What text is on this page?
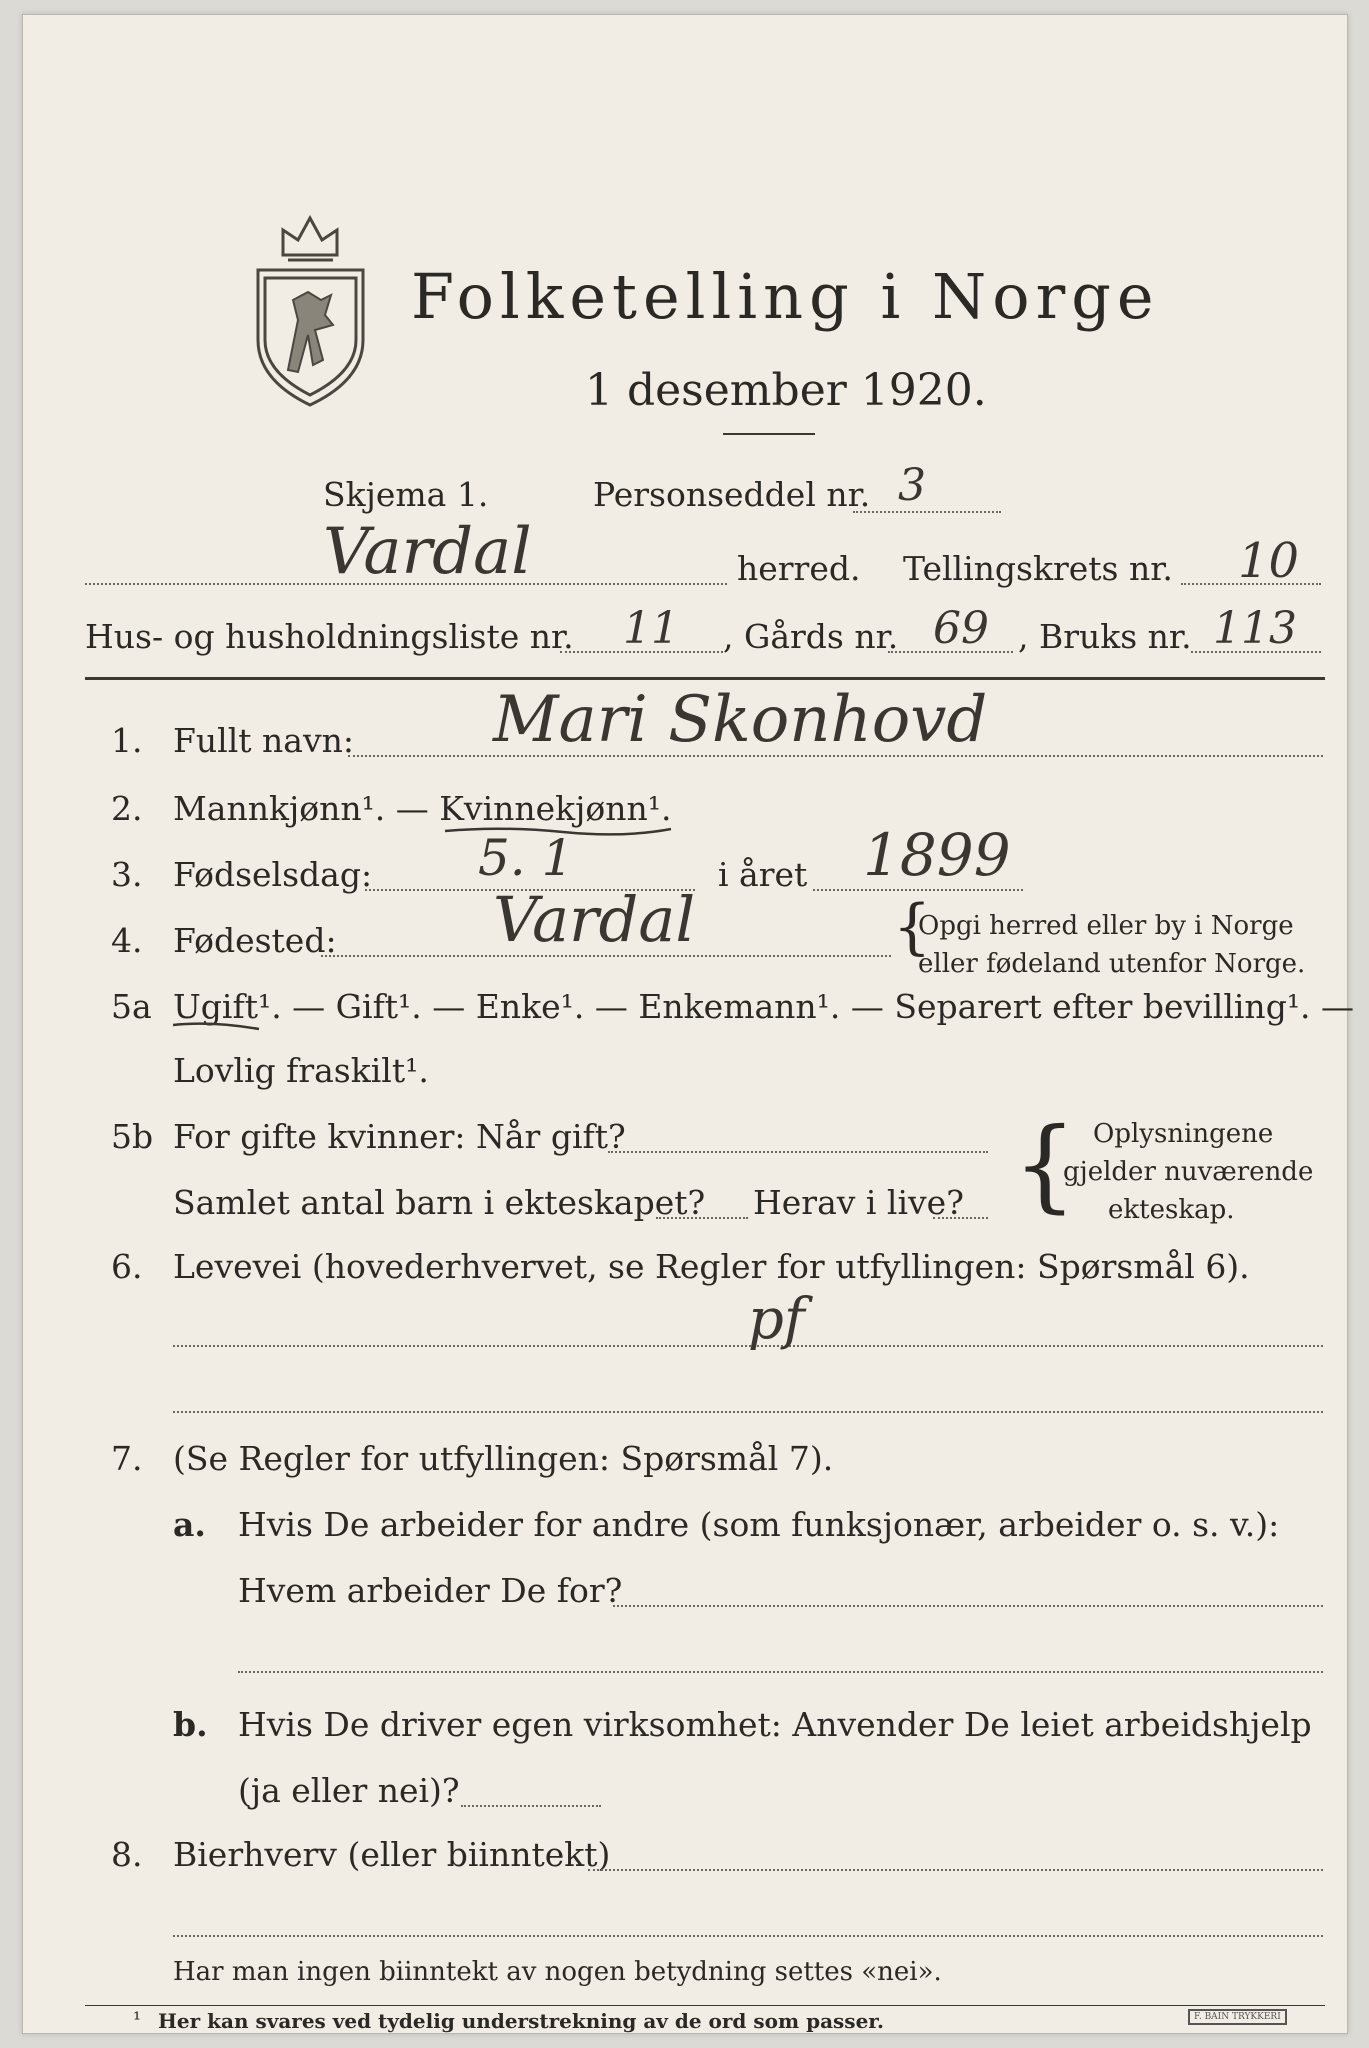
Folketelling i Norge
1 desember 1920.
Skjema 1.	Personseddel nr. 3
Vardal	herred. Tellingskrets nr. 10
Hus- og husholdningsliste nr. 11 , Gårds nr. 69 , Bruks nr. 113
1. Fullt navn: Mari Skonhovd
2. Mannkjønn¹. — Kvinnekjønn¹.
3. Fødselsdag: 5. 1	i året 1899
4. Fødested:	Vardal	{
Opgi herred eller by i Norge
eller fødeland utenfor Norge.
5a Ugift¹. — Gift¹. — Enke¹. — Enkemann¹. — Separert efter bevilling¹. —
Lovlig fraskilt¹.
5b For gifte kvinner: Når gift?
Samlet antal barn i ekteskapet? Herav i live? { Oplysningene
gjelder nuværende
ekteskap.
6. Levevei (hovederhvervet, se Regler for utfyllingen: Spørsmål 6).
pf
7. (Se Regler for utfyllingen: Spørsmål 7).
a. Hvis De arbeider for andre (som funksjonær, arbeider o. s. v.):
Hvem arbeider De for?
b. Hvis De driver egen virksomhet: Anvender De leiet arbeidshjelp
(ja eller nei)?
8. Bierhverv (eller biinntekt)
Har man ingen biinntekt av nogen betydning settes «nei».
¹ Her kan svares ved tydelig understrekning av de ord som passer.	F. BAIN TRYKKERI
